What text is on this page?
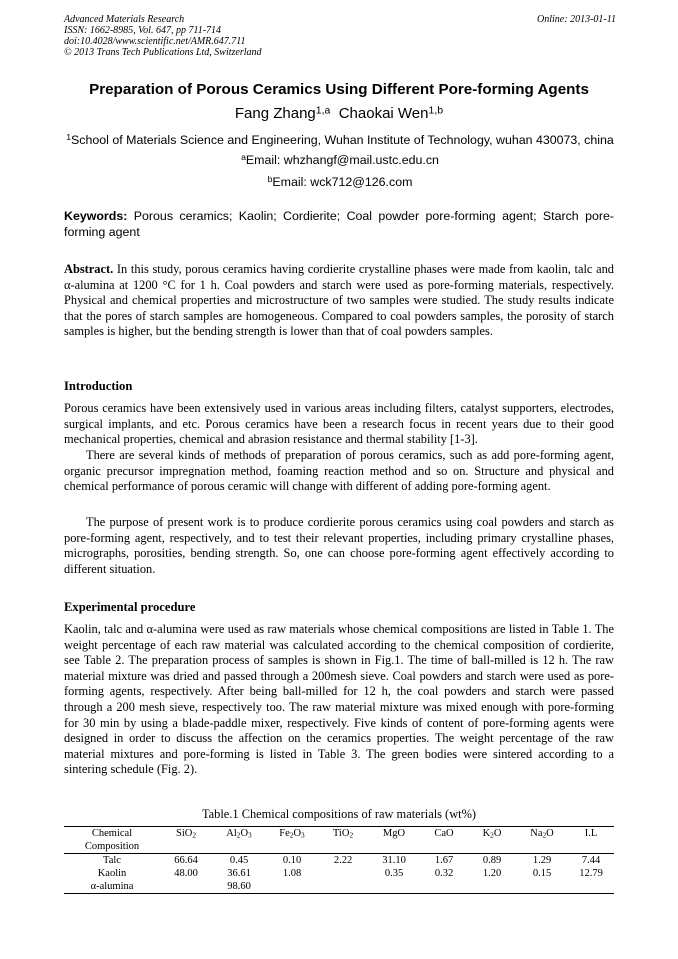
Advanced Materials Research
ISSN: 1662-8985, Vol. 647, pp 711-714
doi:10.4028/www.scientific.net/AMR.647.711
© 2013 Trans Tech Publications Ltd, Switzerland
Online: 2013-01-11
Preparation of Porous Ceramics Using Different Pore-forming Agents
Fang Zhang$^{1,a}$ Chaokai Wen$^{1,b}$
$^1$School of Materials Science and Engineering, Wuhan Institute of Technology, wuhan 430073, china
$^a$Email: whzhangf@mail.ustc.edu.cn
$^b$Email: wck712@126.com
Keywords: Porous ceramics; Kaolin; Cordierite; Coal powder pore-forming agent; Starch pore-forming agent

Abstract. In this study, porous ceramics having cordierite crystalline phases were made from kaolin, talc and α-alumina at 1200 °C for 1 h. Coal powders and starch were used as pore-forming materials, respectively. Physical and chemical properties and microstructure of two samples were studied. The study results indicate that the pores of starch samples are homogeneous. Compared to coal powders samples, the porosity of starch samples is higher, but the bending strength is lower than that of coal powders samples.

Introduction

Porous ceramics have been extensively used in various areas including filters, catalyst supporters, electrodes, surgical implants, and etc. Porous ceramics have been a research focus in recent years due to their good mechanical properties, chemical and abrasion resistance and thermal stability [1-3].

There are several kinds of methods of preparation of porous ceramics, such as add pore-forming agent, organic precursor impregnation method, foaming reaction method and so on. Structure and physical and chemical performance of porous ceramic will change with different of adding pore-forming agent.

The purpose of present work is to produce cordierite porous ceramics using coal powders and starch as pore-forming agent, respectively, and to test their relevant properties, including primary crystalline phases, micrographs, porosities, bending strength. So, one can choose pore-forming agent effectively according to different situation.

Experimental procedure

Kaolin, talc and α-alumina were used as raw materials whose chemical compositions are listed in Table 1. The weight percentage of each raw material was calculated according to the chemical composition of cordierite, see Table 2. The preparation process of samples is shown in Fig.1. The time of ball-milled is 12 h. The raw material mixture was dried and passed through a 200mesh sieve. Coal powders and starch were used as pore-forming agents, respectively. After being ball-milled for 12 h, the coal powders and starch were passed through a 200 mesh sieve, respectively too. The raw material mixture was mixed enough with pore-forming for 30 min by using a blade-paddle mixer, respectively. Five kinds of content of pore-forming agents were designed in order to discuss the affection on the ceramics properties. The weight percentage of the raw material mixtures and pore-forming is listed in Table 3. The green bodies were sintered according to a sintering schedule (Fig. 2).

Table.1 Chemical compositions of raw materials (wt%)
Chemical	SiO$_2$	$Al_2O_3$	$Fe_2O_3$	TiO$_2$	MgO	CaO	$K_2O$	$Na_2O$	I.L
Composition									
Talc	66.64	0.45	0.10	2.22	31.10	1.67	0.89	1.29	7.44
Kaolin	48.00	36.61	1.08		0.35	0.32	1.20	0.15	12.79
α-alumina		98.60							
